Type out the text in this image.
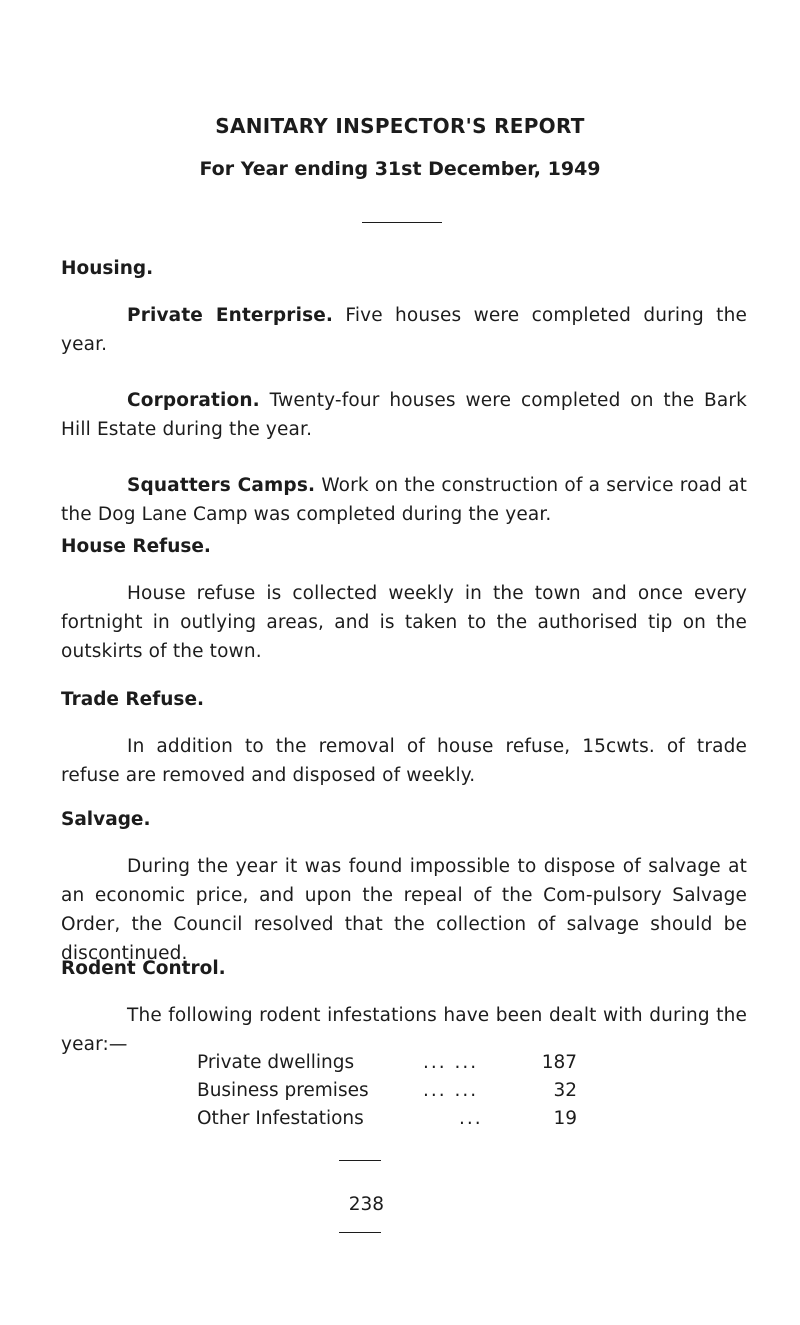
SANITARY INSPECTOR'S REPORT
For Year ending 31st December, 1949
Housing.

Private Enterprise. Five houses were completed during the year.

Corporation. Twenty-four houses were completed on the Bark Hill Estate during the year.

Squatters Camps. Work on the construction of a service road at the Dog Lane Camp was completed during the year.

House Refuse.

House refuse is collected weekly in the town and once every fortnight in outlying areas, and is taken to the authorised tip on the outskirts of the town.

Trade Refuse.

In addition to the removal of house refuse, 15cwts. of trade refuse are removed and disposed of weekly.

Salvage.

During the year it was found impossible to dispose of salvage at an economic price, and upon the repeal of the Com-pulsory Salvage Order, the Council resolved that the collection of salvage should be discontinued.

Rodent Control.

The following rodent infestations have been dealt with during the year:—

Private dwellings	... ...	187
Business premises	... ...	32
Other Infestations	...	19
238
